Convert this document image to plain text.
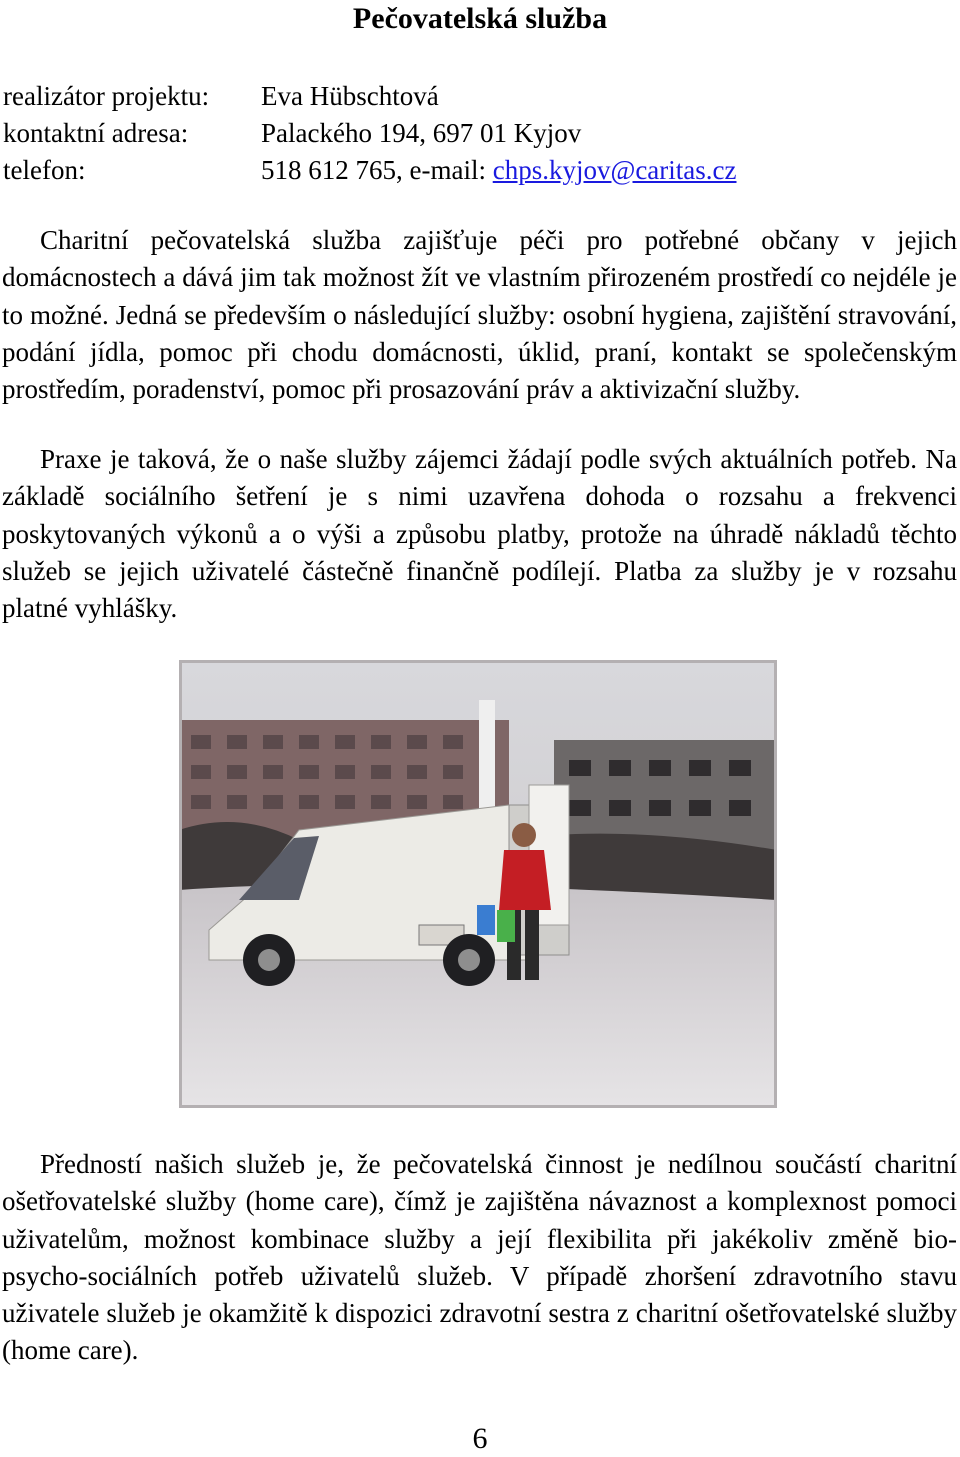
Pečovatelská služba
realizátor projektu: Eva Hübschtová
kontaktní adresa:	Palackého 194, 697 01 Kyjov
telefon:	518 612 765, e-mail: chps.kyjov@caritas.cz

Charitní pečovatelská služba zajišťuje péči pro potřebné občany v jejich domácnostech a dává jim tak možnost žít ve vlastním přirozeném prostředí co nejdéle je to možné. Jedná se především o následující služby: osobní hygiena, zajištění stravování, podání jídla, pomoc při chodu domácnosti, úklid, praní, kontakt se společenským prostředím, poradenství, pomoc při prosazování práv a aktivizační služby.

Praxe je taková, že o naše služby zájemci žádají podle svých aktuálních potřeb. Na základě sociálního šetření je s nimi uzavřena dohoda o rozsahu a frekvenci poskytovaných výkonů a o výši a způsobu platby, protože na úhradě nákladů těchto služeb se jejich uživatelé částečně finančně podílejí. Platba za služby je v rozsahu platné vyhlášky.

Předností našich služeb je, že pečovatelská činnost je nedílnou součástí charitní ošetřovatelské služby (home care), čímž je zajištěna návaznost a komplexnost pomoci uživatelům, možnost kombinace služby a její flexibilita při jakékoliv změně bio-psycho-sociálních potřeb uživatelů služeb. V případě zhoršení zdravotního stavu uživatele služeb je okamžitě k dispozici zdravotní sestra z charitní ošetřovatelské služby (home care).

6
